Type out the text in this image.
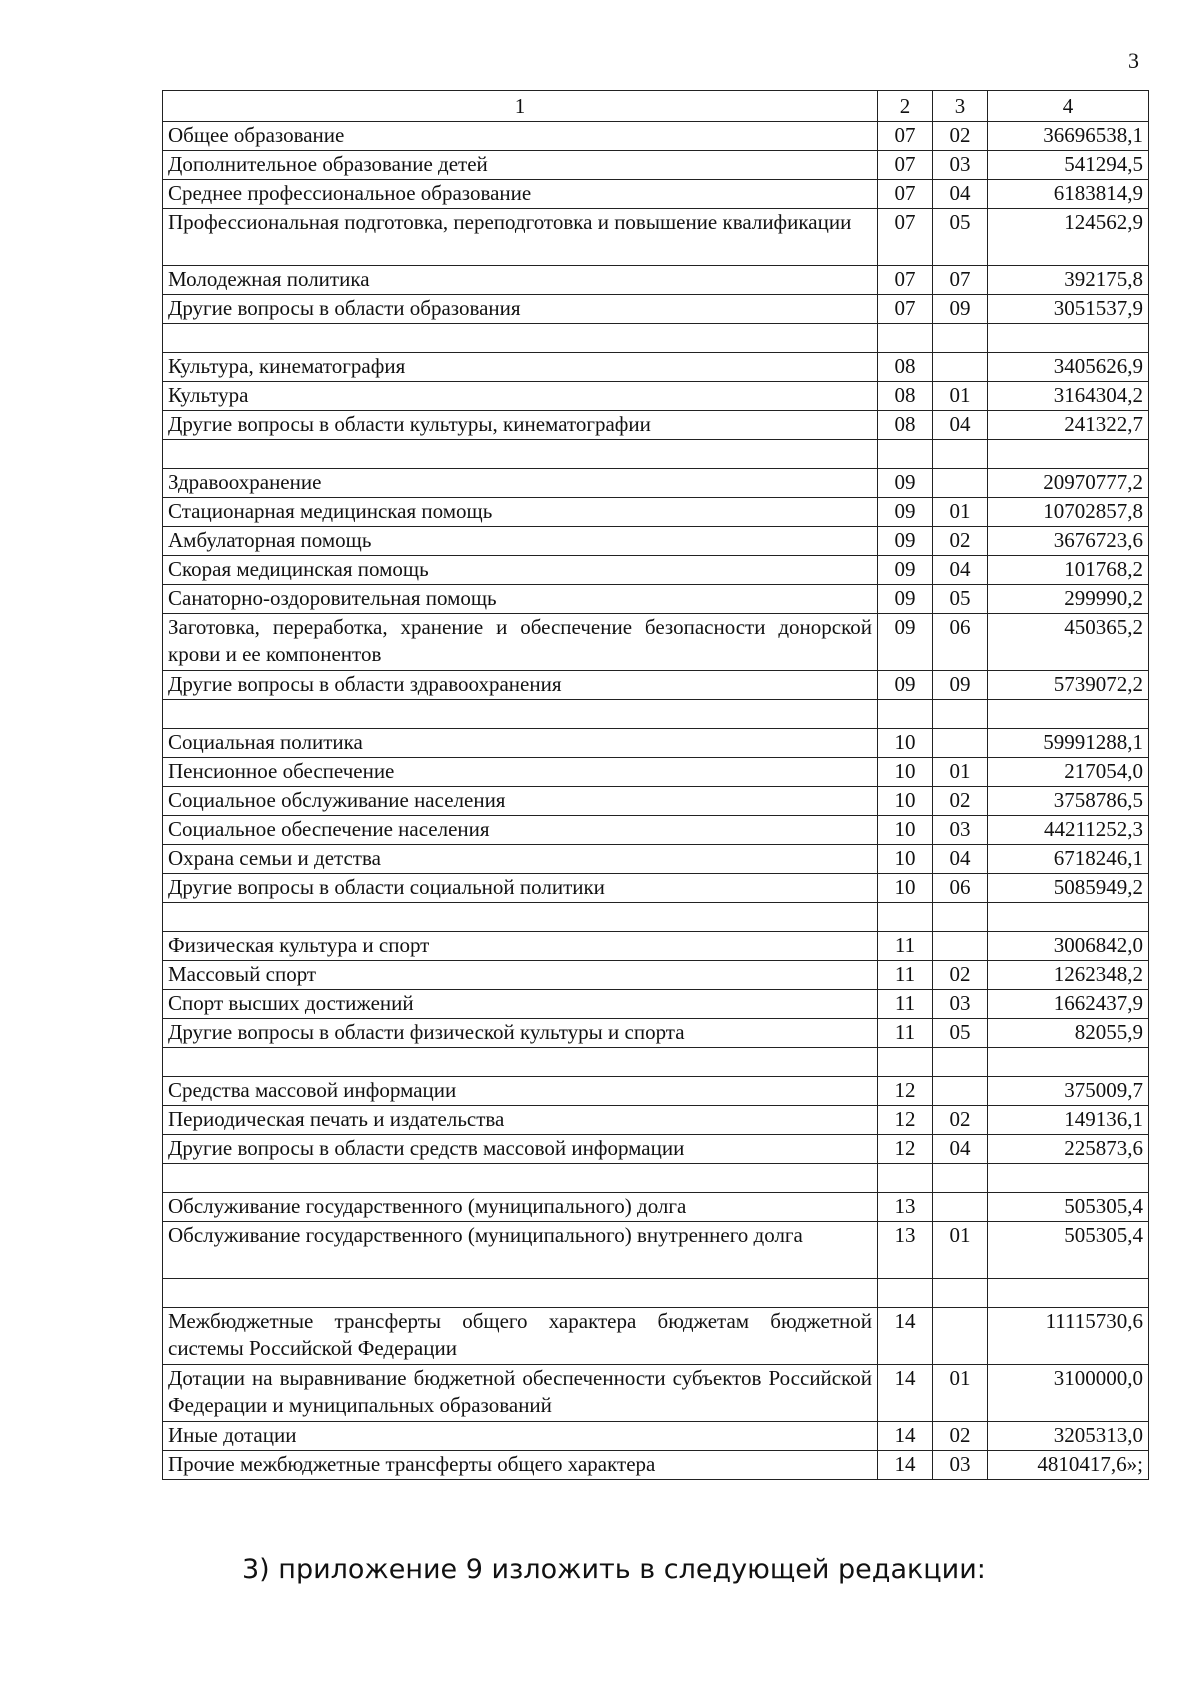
3
1	2	3	4
Общее образование	07	02	36696538,1
Дополнительное образование детей	07	03	541294,5
Среднее профессиональное образование	07	04	6183814,9
Профессиональная подготовка, переподготовка и повышение квалификации	07	05	124562,9
Молодежная политика	07	07	392175,8
Другие вопросы в области образования	07	09	3051537,9

Культура, кинематография	08		3405626,9
Культура	08	01	3164304,2
Другие вопросы в области культуры, кинематографии	08	04	241322,7

Здравоохранение	09		20970777,2
Стационарная медицинская помощь	09	01	10702857,8
Амбулаторная помощь	09	02	3676723,6
Скорая медицинская помощь	09	04	101768,2
Санаторно-оздоровительная помощь	09	05	299990,2
Заготовка, переработка, хранение и обеспечение безопасности донорской крови и ее компонентов	09	06	450365,2
Другие вопросы в области здравоохранения	09	09	5739072,2

Социальная политика	10		59991288,1
Пенсионное обеспечение	10	01	217054,0
Социальное обслуживание населения	10	02	3758786,5
Социальное обеспечение населения	10	03	44211252,3
Охрана семьи и детства	10	04	6718246,1
Другие вопросы в области социальной политики	10	06	5085949,2

Физическая культура и спорт	11		3006842,0
Массовый спорт	11	02	1262348,2
Спорт высших достижений	11	03	1662437,9
Другие вопросы в области физической культуры и спорта	11	05	82055,9

Средства массовой информации	12		375009,7
Периодическая печать и издательства	12	02	149136,1
Другие вопросы в области средств массовой информации	12	04	225873,6

Обслуживание государственного (муниципального) долга	13		505305,4
Обслуживание государственного (муниципального) внутреннего долга	13	01	505305,4

Межбюджетные трансферты общего характера бюджетам бюджетной системы Российской Федерации	14		11115730,6
Дотации на выравнивание бюджетной обеспеченности субъектов Российской Федерации и муниципальных образований	14	01	3100000,0
Иные дотации	14	02	3205313,0
Прочие межбюджетные трансферты общего характера	14	03	4810417,6»;
3) приложение 9 изложить в следующей редакции:
